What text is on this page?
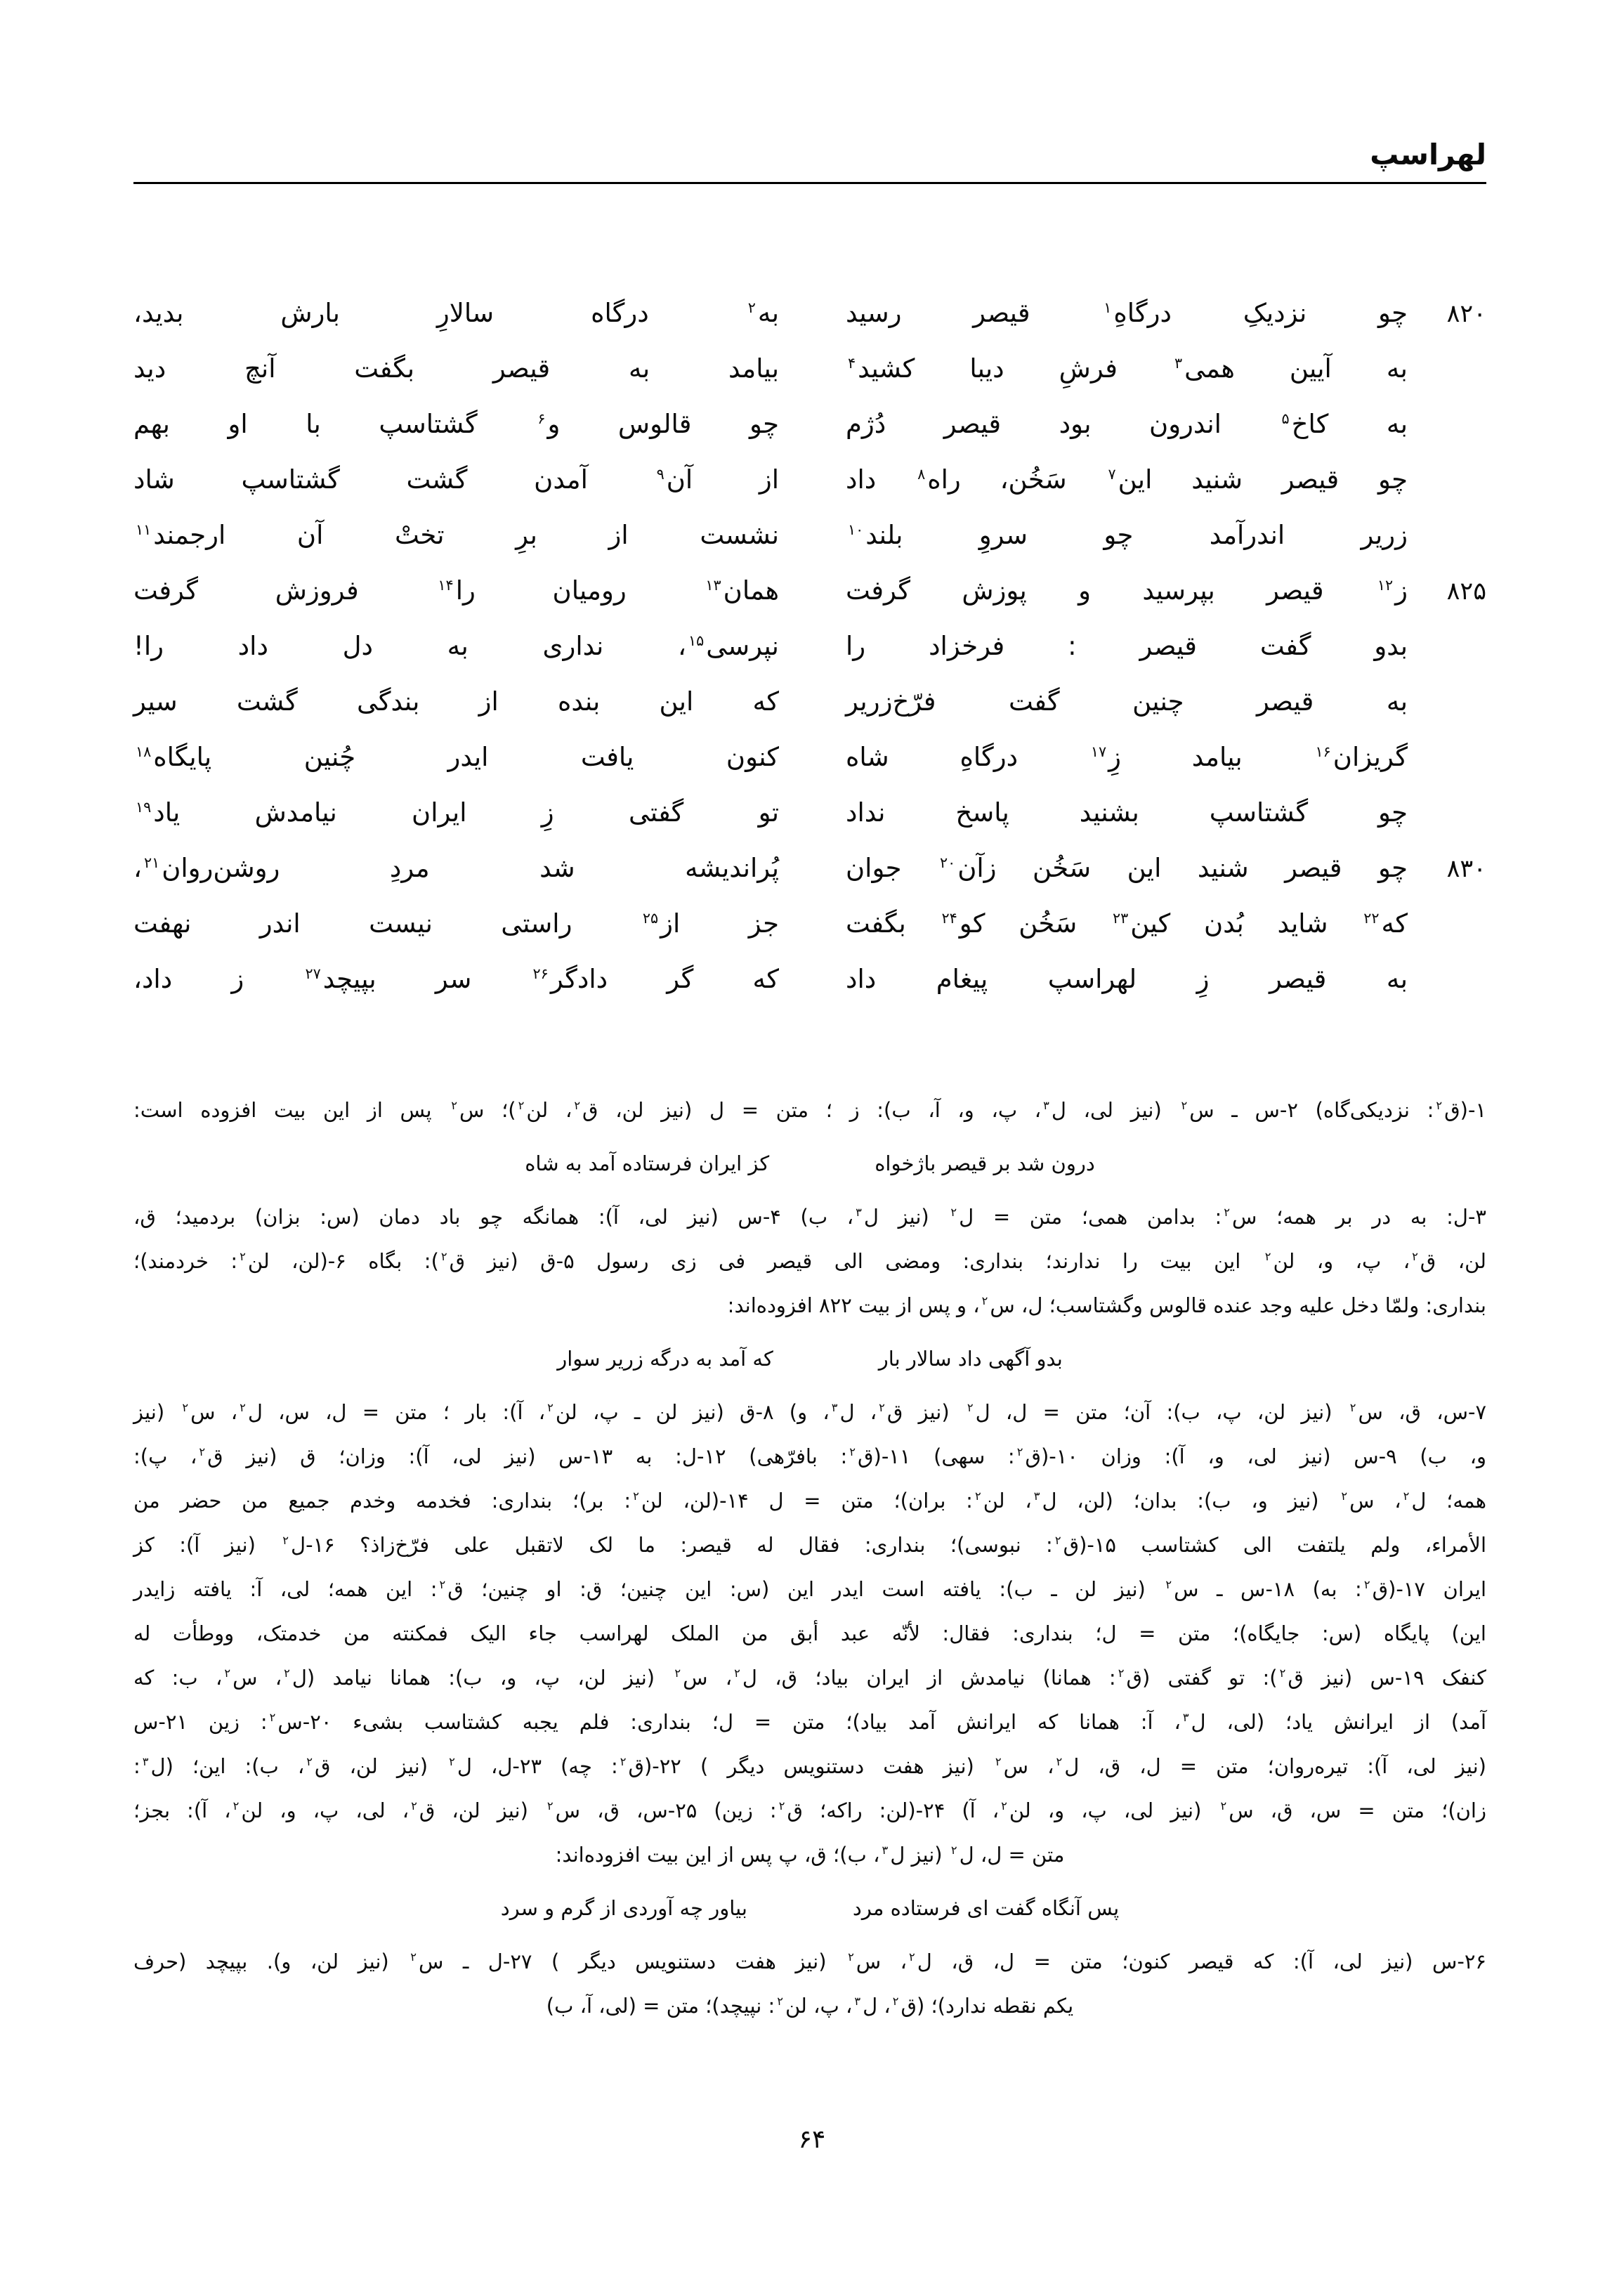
لهراسپ
۸۲۰
چو نزدیکِ درگاهِ$^۱$ قیصر رسید
به$^۲$ درگاه سالارِ بارش بدید،
به آیین همی$^۳$ فرشِ دیبا کشید$^۴$
بیامد به قیصر بگفت آنچ دید
به کاخ$^۵$ اندرون بود قیصر دُژم
چو قالوس و$^۶$ گشتاسپ با او بهم
چو قیصر شنید این$^۷$ سَخُن، راه$^۸$ داد
از آن$^۹$ آمدن گشت گشتاسپ شاد
زریر اندرآمد چو سروِ بلند$^{۱۰}$
نشست از برِ تختْ آن ارجمند$^{۱۱}$
۸۲۵
ز$^{۱۲}$ قیصر بپرسید و پوزش گرفت
همان$^{۱۳}$ رومیان را$^{۱۴}$ فروزش گرفت
بدو گفت قیصر : فرخزاد را
نپرسی$^{۱۵}$، نداری به دل داد را!
به قیصر چنین گفت فرّخ‌زریر
که این بنده از بندگی گشت سیر
گریزان$^{۱۶}$ بیامد زِ$^{۱۷}$ درگاهِ شاه
کنون یافت ایدر چُنین پایگاه$^{۱۸}$
چو گشتاسپ بشنید پاسخ نداد
تو گفتی زِ ایران نیامدش یاد$^{۱۹}$
۸۳۰
چو قیصر شنید این سَخُن زآن$^{۲۰}$ جوان
پُراندیشه شد مردِ روشن‌روان$^{۲۱}$،
که$^{۲۲}$ شاید بُدن کین$^{۲۳}$ سَخُن کو$^{۲۴}$ بگفت
جز از$^{۲۵}$ راستی نیست اندر نهفت
به قیصر زِ لهراسپ پیغام داد
که گر دادگر$^{۲۶}$ سر بپیچد$^{۲۷}$ ز داد،
۱-(ق$^۲$: نزدیکی‌گاه) ۲-س ـ س$^۲$ (نیز لی، ل$^۳$، پ، و، آ، ب): ز ؛ متن = ل (نیز لن، ق$^۲$، لن$^۲$)؛ س$^۲$ پس از این بیت افزوده است:
درون شد بر قیصر باژخواه
کز ایران فرستاده آمد به شاه
۳-ل: به در بر همه؛ س$^۲$: بدامن همی؛ متن = ل$^۲$ (نیز ل$^۳$، ب) ۴-س (نیز لی، آ): همانگه چو باد دمان (س: بزان) بردمید؛ ق،
لن، ق$^۲$، پ، و، لن$^۲$ این بیت را ندارند؛ بنداری: ومضی الی قیصر فی زی رسول ۵-ق (نیز ق$^۲$): بگاه ۶-(لن، لن$^۲$: خردمند)؛
بنداری: ولمّا دخل علیه وجد عنده قالوس وگشتاسب؛ ل، س$^۲$، و پس از بیت ۸۲۲ افزوده‌اند:
بدو آگهی داد سالار بار
که آمد به درگه زریر سوار
۷-س، ق، س$^۲$ (نیز لن، پ، ب): آن؛ متن = ل، ل$^۲$ (نیز ق$^۲$، ل$^۳$، و) ۸-ق (نیز لن ـ پ، لن$^۲$، آ): بار ؛ متن = ل، س، ل$^۲$، س$^۲$ (نیز
و، ب) ۹-س (نیز لی، و، آ): وزان ۱۰-(ق$^۲$: سهی) ۱۱-(ق$^۲$: بافرّهی) ۱۲-ل: به ۱۳-س (نیز لی، آ): وزان؛ ق (نیز ق$^۲$، پ):
همه؛ ل$^۲$، س$^۲$ (نیز و، ب): بدان؛ (لن، ل$^۳$، لن$^۲$: بران)؛ متن = ل ۱۴-(لن، لن$^۲$: بر)؛ بنداری: فخدمه وخدم جمیع من حضر من
الأمراء، ولم یلتفت الی کشتاسب ۱۵-(ق$^۲$: نبوسی)؛ بنداری: فقال له قیصر: ما لک لاتقبل علی فرّخ‌زاذ؟ ۱۶-ل$^۲$ (نیز آ): کز
ایران ۱۷-(ق$^۲$: به) ۱۸-س ـ س$^۲$ (نیز لن ـ ب): یافته است ایدر این (س: این چنین؛ ق: او چنین؛ ق$^۲$: این همه؛ لی، آ: یافته زایدر
این) پایگاه (س: جایگاه)؛ متن = ل؛ بنداری: فقال: لأنّه عبد أبق من الملک لهراسب جاء الیک فمکنته من خدمتک، ووطأت له
کنفک ۱۹-س (نیز ق$^۲$): تو گفتی (ق$^۲$: همانا) نیامدش از ایران بیاد؛ ق، ل$^۲$، س$^۲$ (نیز لن، پ، و، ب): همانا نیامد (ل$^۲$، س$^۲$، ب: که
آمد) از ایرانش یاد؛ (لی، ل$^۳$، آ: همانا که ایرانش آمد بیاد)؛ متن = ل؛ بنداری: فلم یجبه کشتاسب بشیء ۲۰-س$^۲$: زین ۲۱-س
(نیز لی، آ): تیره‌روان؛ متن = ل، ق، ل$^۲$، س$^۲$ (نیز هفت دستنویس دیگر ) ۲۲-(ق$^۲$: چه) ۲۳-ل، ل$^۲$ (نیز لن، ق$^۲$، ب): این؛ (ل$^۳$:
زان)؛ متن = س، ق، س$^۲$ (نیز لی، پ، و، لن$^۲$، آ) ۲۴-(لن: راکه؛ ق$^۲$: زین) ۲۵-س، ق، س$^۲$ (نیز لن، ق$^۲$، لی، پ، و، لن$^۲$، آ): بجز؛
متن = ل، ل$^۲$ (نیز ل$^۳$، ب)؛ ق، پ پس از این بیت افزوده‌اند:
پس آنگاه گفت ای فرستاده مرد
بیاور چه آوردی از گرم و سرد
۲۶-س (نیز لی، آ): که قیصر کنون؛ متن = ل، ق، ل$^۲$، س$^۲$ (نیز هفت دستنویس دیگر ) ۲۷-ل ـ س$^۲$ (نیز لن، و). بپیچد (حرف
یکم نقطه ندارد)؛ (ق$^۲$، ل$^۳$، پ، لن$^۲$: نپیچد)؛ متن = (لی، آ، ب)
۶۴
